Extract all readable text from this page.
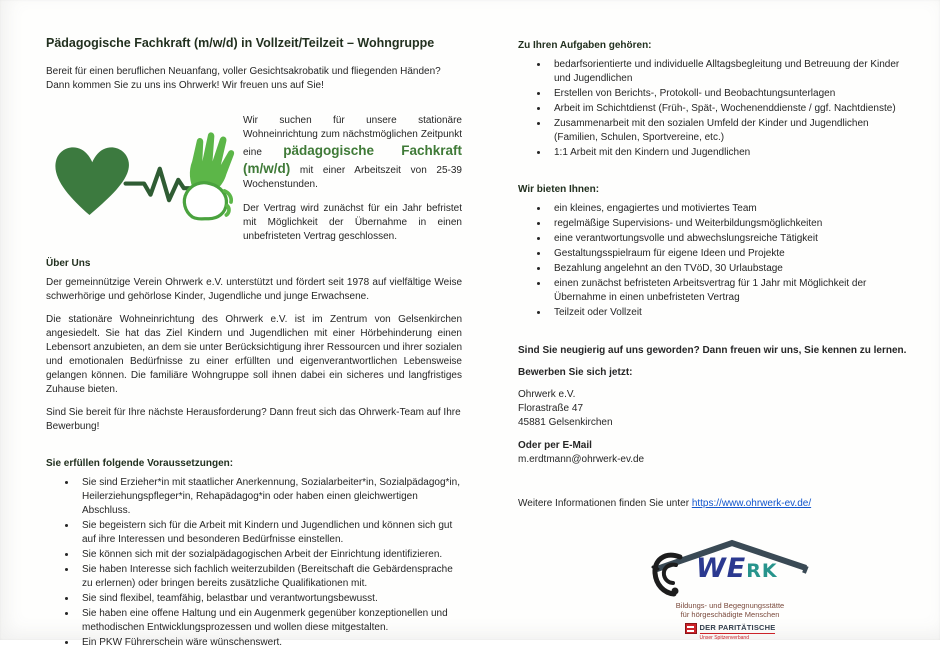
Pädagogische Fachkraft (m/w/d) in Vollzeit/Teilzeit – Wohngruppe
Bereit für einen beruflichen Neuanfang, voller Gesichtsakrobatik und fliegenden Händen?
Dann kommen Sie zu uns ins Ohrwerk! Wir freuen uns auf Sie!

Wir suchen für unsere stationäre Wohneinrichtung zum nächstmöglichen Zeitpunkt eine pädagogische Fachkraft (m/w/d) mit einer Arbeitszeit von 25-39 Wochenstunden.

Der Vertrag wird zunächst für ein Jahr befristet mit Möglichkeit der Übernahme in einen unbefristeten Vertrag geschlossen.

Über Uns

Der gemeinnützige Verein Ohrwerk e.V. unterstützt und fördert seit 1978 auf vielfältige Weise schwerhörige und gehörlose Kinder, Jugendliche und junge Erwachsene.

Die stationäre Wohneinrichtung des Ohrwerk e.V. ist im Zentrum von Gelsenkirchen angesiedelt. Sie hat das Ziel Kindern und Jugendlichen mit einer Hörbehinderung einen Lebensort anzubieten, an dem sie unter Berücksichtigung ihrer Ressourcen und ihrer sozialen und emotionalen Bedürfnisse zu einer erfüllten und eigenverantwortlichen Lebensweise gelangen können. Die familiäre Wohngruppe soll ihnen dabei ein sicheres und langfristiges Zuhause bieten.

Sind Sie bereit für Ihre nächste Herausforderung? Dann freut sich das Ohrwerk-Team auf Ihre Bewerbung!

Sie erfüllen folgende Voraussetzungen:
• Sie sind Erzieher*in mit staatlicher Anerkennung, Sozialarbeiter*in, Sozialpädagog*in, Heilerziehungspfleger*in, Rehapädagog*in oder haben einen gleichwertigen Abschluss.
• Sie begeistern sich für die Arbeit mit Kindern und Jugendlichen und können sich gut auf ihre Interessen und besonderen Bedürfnisse einstellen.
• Sie können sich mit der sozialpädagogischen Arbeit der Einrichtung identifizieren.
• Sie haben Interesse sich fachlich weiterzubilden (Bereitschaft die Gebärdensprache zu erlernen) oder bringen bereits zusätzliche Qualifikationen mit.
• Sie sind flexibel, teamfähig, belastbar und verantwortungsbewusst.
• Sie haben eine offene Haltung und ein Augenmerk gegenüber konzeptionellen und methodischen Entwicklungsprozessen und wollen diese mitgestalten.
• Ein PKW Führerschein wäre wünschenswert.
Zu Ihren Aufgaben gehören:
• bedarfsorientierte und individuelle Alltagsbegleitung und Betreuung der Kinder und Jugendlichen
• Erstellen von Berichts-, Protokoll- und Beobachtungsunterlagen
• Arbeit im Schichtdienst (Früh-, Spät-, Wochenenddienste / ggf. Nachtdienste)
• Zusammenarbeit mit den sozialen Umfeld der Kinder und Jugendlichen (Familien, Schulen, Sportvereine, etc.)
• 1:1 Arbeit mit den Kindern und Jugendlichen
Wir bieten Ihnen:
• ein kleines, engagiertes und motiviertes Team
• regelmäßige Supervisions- und Weiterbildungsmöglichkeiten
• eine verantwortungsvolle und abwechslungsreiche Tätigkeit
• Gestaltungsspielraum für eigene Ideen und Projekte
• Bezahlung angelehnt an den TVöD, 30 Urlaubstage
• einen zunächst befristeten Arbeitsvertrag für 1 Jahr mit Möglichkeit der Übernahme in einen unbefristeten Vertrag
• Teilzeit oder Vollzeit
Sind Sie neugierig auf uns geworden? Dann freuen wir uns, Sie kennen zu lernen.
Bewerben Sie sich jetzt:
Ohrwerk e.V.
Florastraße 47
45881 Gelsenkirchen
Oder per E-Mail
m.erdtmann@ohrwerk-ev.de
Weitere Informationen finden Sie unter https://www.ohrwerk-ev.de/
WERK
Bildungs- und Begegnungsstätte
für hörgeschädigte Menschen
DER PARITÄTISCHE
Unser Spitzenverband
